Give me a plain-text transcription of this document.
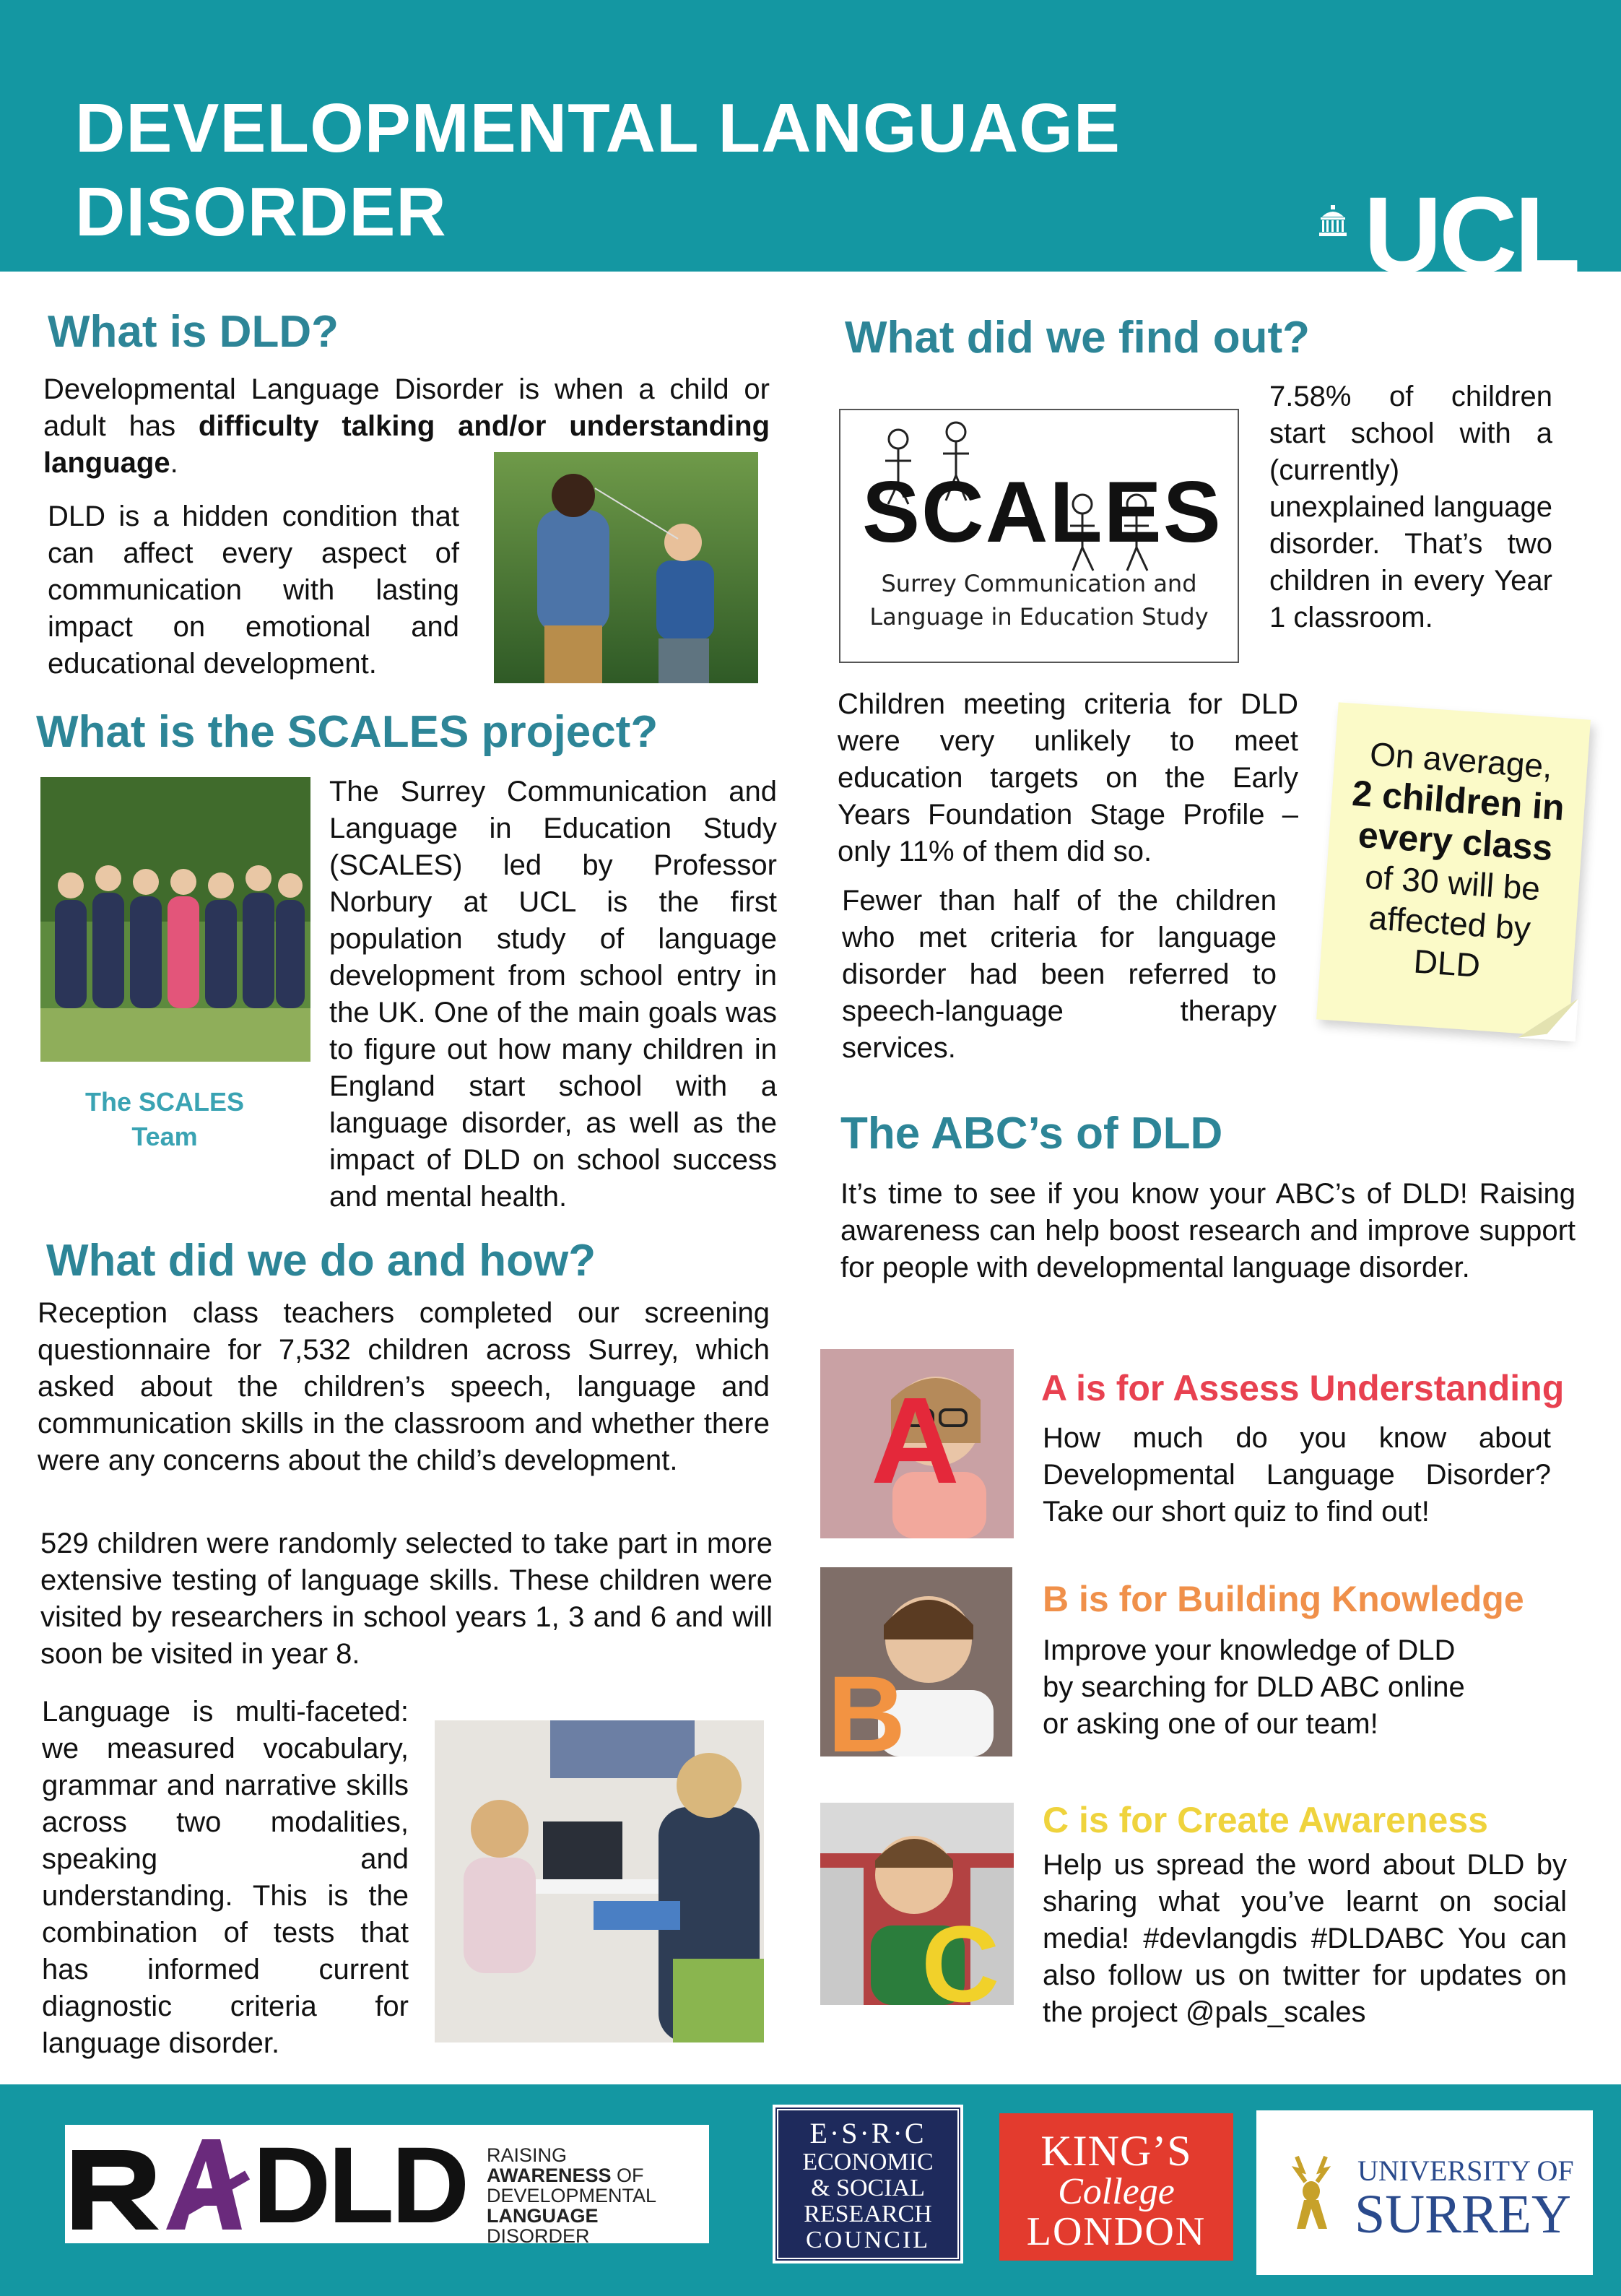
DEVELOPMENTAL LANGUAGE
DISORDER	UCL
What is DLD?
Developmental Language Disorder is when a child or adult has difficulty talking and/or understanding language.
DLD is a hidden condition that can affect every aspect of communication with lasting impact on emotional and educational development.
What is the SCALES project?
The SCALES Team
The Surrey Communication and Language in Education Study (SCALES) led by Professor Norbury at UCL is the first population study of language development from school entry in the UK. One of the main goals was to figure out how many children in England start school with a language disorder, as well as the impact of DLD on school success and mental health.
What did we do and how?
Reception class teachers completed our screening questionnaire for 7,532 children across Surrey, which asked about the children’s speech, language and communication skills in the classroom and whether there were any concerns about the child’s development.
529 children were randomly selected to take part in more extensive testing of language skills. These children were visited by researchers in school years 1, 3 and 6 and will soon be visited in year 8.
Language is multi-faceted: we measured vocabulary, grammar and narrative skills across two modalities, speaking and understanding. This is the combination of tests that has informed current diagnostic criteria for language disorder.
What did we find out?
SCALES
Surrey Communication and
Language in Education Study
7.58% of children start school with a (currently) unexplained language disorder. That’s two children in every Year 1 classroom.
Children meeting criteria for DLD were very unlikely to meet education targets on the Early Years Foundation Stage Profile – only 11% of them did so.
Fewer than half of the children who met criteria for language disorder had been referred to speech-language therapy services.
On average,
2 children in every class of 30 will be affected by DLD
The ABC’s of DLD
It’s time to see if you know your ABC’s of DLD! Raising awareness can help boost research and improve support for people with developmental language disorder.
A A is for Assess Understanding
How much do you know about Developmental Language Disorder? Take our short quiz to find out!
B
B is for Building Knowledge
Improve your knowledge of DLD
by searching for DLD ABC online
or asking one of our team!
C
C is for Create Awareness
Help us spread the word about DLD by sharing what you’ve learnt on social media! #devlangdis #DLDABC You can also follow us on twitter for updates on the project @pals_scales
DLD RAISING
AWARENESS OF
DEVELOPMENTAL
LANGUAGE DISORDER
E·S·R·C
ECONOMIC
& SOCIAL
RESEARCH
COUNCIL
KING’S
College
LONDON
UNIVERSITY OF
SURREY
